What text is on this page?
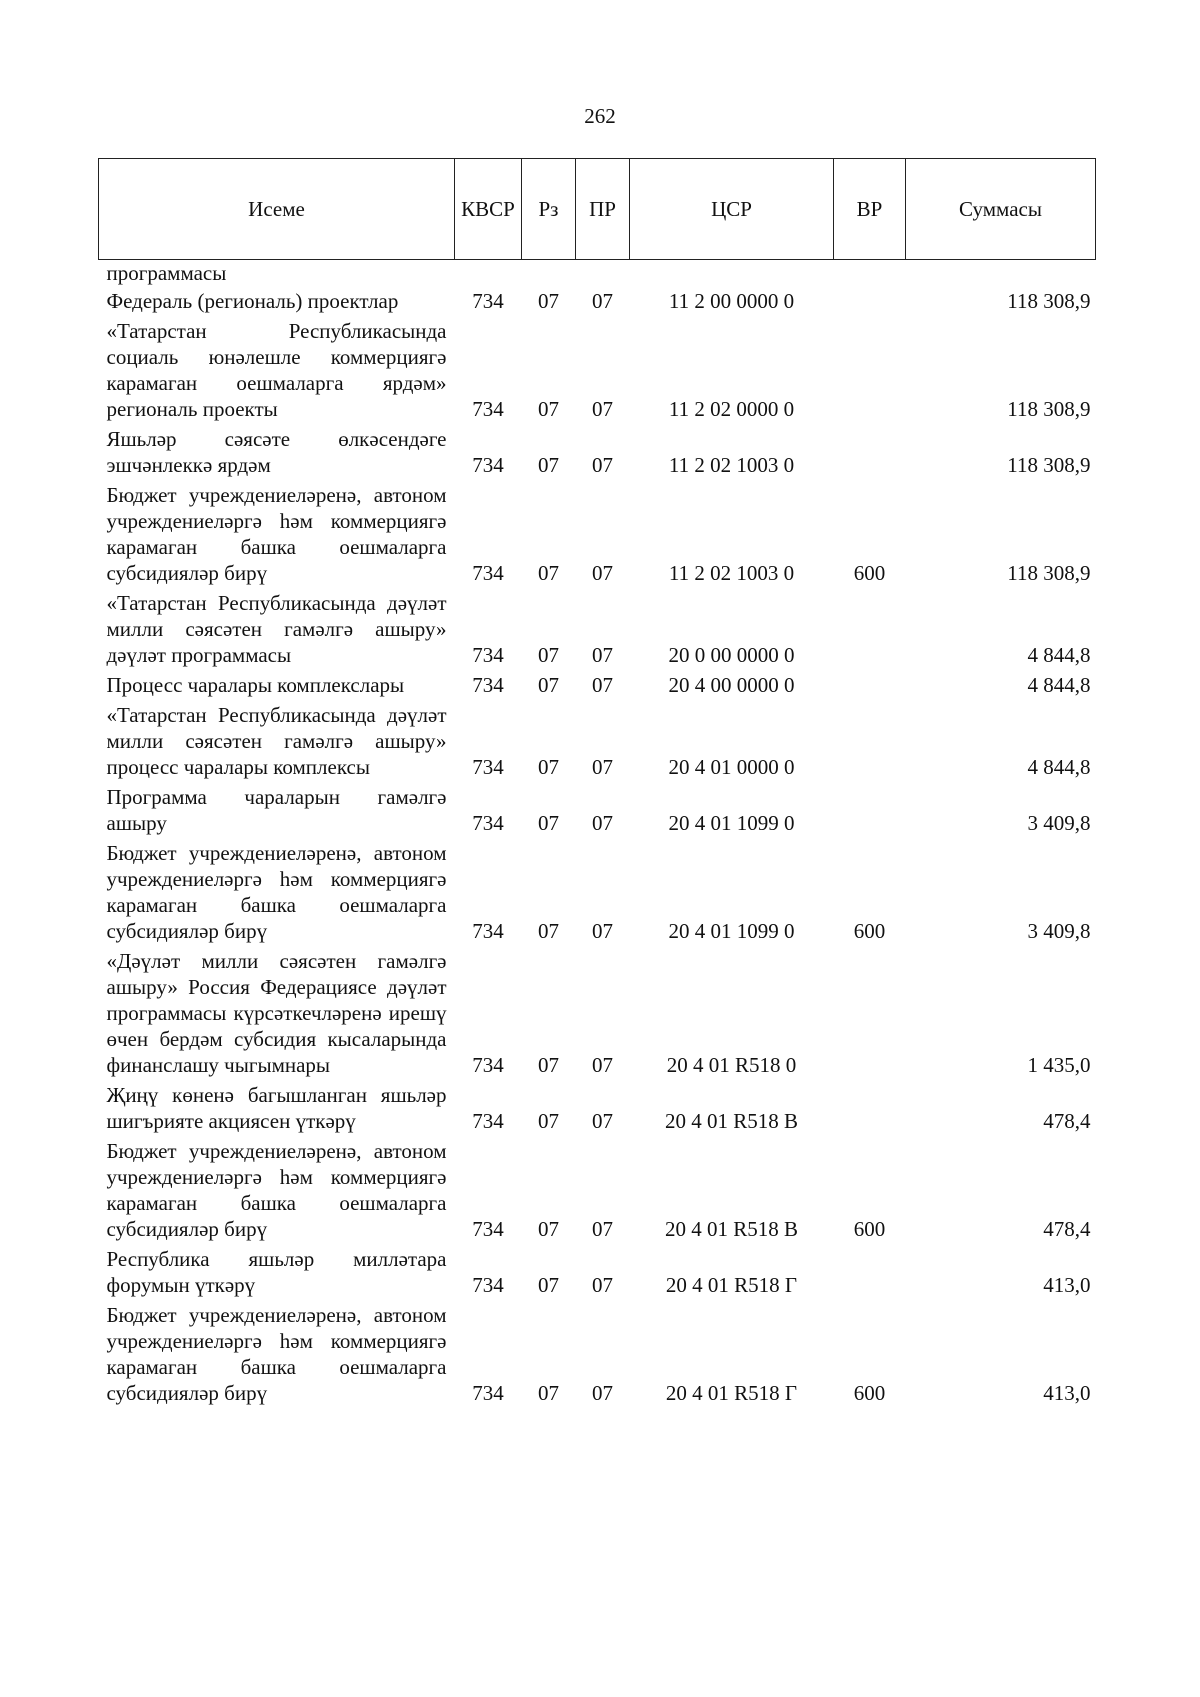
262
Исеме	КВСР	Рз	ПР	ЦСР	ВР	Суммасы
программасы						
Федераль (региональ) проектлар	734	07	07	11 2 00 0000 0		118 308,9
«Татарстан Республикасында социаль юнәлешле коммерциягә карамаган оешмаларга ярдәм» региональ проекты	734	07	07	11 2 02 0000 0		118 308,9
Яшьләр сәясәте өлкәсендәге эшчәнлеккә ярдәм	734	07	07	11 2 02 1003 0		118 308,9
Бюджет учреждениеләренә, автоном учреждениеләргә һәм коммерциягә карамаган башка оешмаларга субсидияләр бирү	734	07	07	11 2 02 1003 0	600	118 308,9
«Татарстан Республикасында дәүләт милли сәясәтен гамәлгә ашыру» дәүләт программасы	734	07	07	20 0 00 0000 0		4 844,8
Процесс чаралары комплекслары	734	07	07	20 4 00 0000 0		4 844,8
«Татарстан Республикасында дәүләт милли сәясәтен гамәлгә ашыру» процесс чаралары комплексы	734	07	07	20 4 01 0000 0		4 844,8
Программа чараларын гамәлгә ашыру	734	07	07	20 4 01 1099 0		3 409,8
Бюджет учреждениеләренә, автоном учреждениеләргә һәм коммерциягә карамаган башка оешмаларга субсидияләр бирү	734	07	07	20 4 01 1099 0	600	3 409,8
«Дәүләт милли сәясәтен гамәлгә ашыру» Россия Федерациясе дәүләт программасы күрсәткечләренә ирешү өчен бердәм субсидия кысаларында финанслашу чыгымнары	734	07	07	20 4 01 R518 0		1 435,0
Җиңү көненә багышланган яшьләр шигърияте акциясен үткәрү	734	07	07	20 4 01 R518 В		478,4
Бюджет учреждениеләренә, автоном учреждениеләргә һәм коммерциягә карамаган башка оешмаларга субсидияләр бирү	734	07	07	20 4 01 R518 В	600	478,4
Республика яшьләр милләтара форумын үткәрү	734	07	07	20 4 01 R518 Г		413,0
Бюджет учреждениеләренә, автоном учреждениеләргә һәм коммерциягә карамаган башка оешмаларга субсидияләр бирү	734	07	07	20 4 01 R518 Г	600	413,0
